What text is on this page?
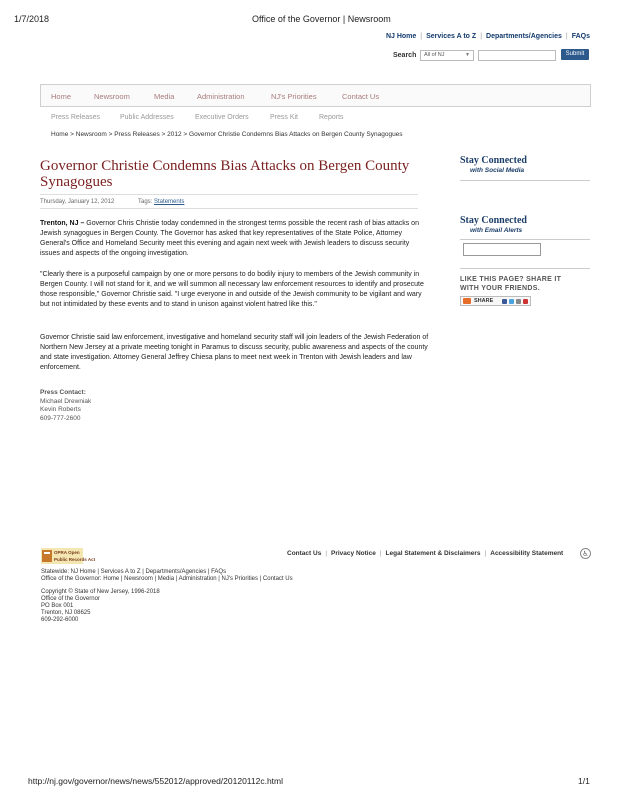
1/7/2018	Office of the Governor | Newsroom
NJ Home | Services A to Z | Departments/Agencies | FAQs
Search	All of NJ	▼	Submit
Home	Newsroom	Media	Administration	NJ's Priorities	Contact Us
Press Releases	Public Addresses	Executive Orders	Press Kit	Reports
Home > Newsroom > Press Releases > 2012 > Governor Christie Condemns Bias Attacks on Bergen County Synagogues
Governor Christie Condemns Bias Attacks on Bergen County Synagogues
Thursday, January 12, 2012	Tags: Statements
Trenton, NJ – Governor Chris Christie today condemned in the strongest terms possible the recent rash of bias attacks on Jewish synagogues in Bergen County. The Governor has asked that key representatives of the State Police, Attorney General's Office and Homeland Security meet this evening and again next week with Jewish leaders to discuss security issues and aspects of the ongoing investigation.
"Clearly there is a purposeful campaign by one or more persons to do bodily injury to members of the Jewish community in Bergen County. I will not stand for it, and we will summon all necessary law enforcement resources to identify and prosecute those responsible," Governor Christie said. "I urge everyone in and outside of the Jewish community to be vigilant and wary but not intimidated by these events and to stand in unison against violent hatred like this."
Governor Christie said law enforcement, investigative and homeland security staff will join leaders of the Jewish Federation of Northern New Jersey at a private meeting tonight in Paramus to discuss security, public awareness and aspects of the county and state investigation. Attorney General Jeffrey Chiesa plans to meet next week in Trenton with Jewish leaders and law enforcement.
Press Contact:
Michael Drewniak
Kevin Roberts
609-777-2600
Stay Connected
with Social Media
Stay Connected
with Email Alerts
LIKE THIS PAGE? SHARE IT
WITH YOUR FRIENDS.
SHARE
OPRA Open
Public Records Act
Contact Us | Privacy Notice | Legal Statement & Disclaimers | Accessibility Statement	♿
Statewide: NJ Home | Services A to Z | Departments/Agencies | FAQs
Office of the Governor: Home | Newsroom | Media | Administration | NJ's Priorities | Contact Us
Copyright © State of New Jersey, 1996-2018
Office of the Governor
PO Box 001
Trenton, NJ 08625
609-292-6000
http://nj.gov/governor/news/news/552012/approved/20120112c.html	1/1
